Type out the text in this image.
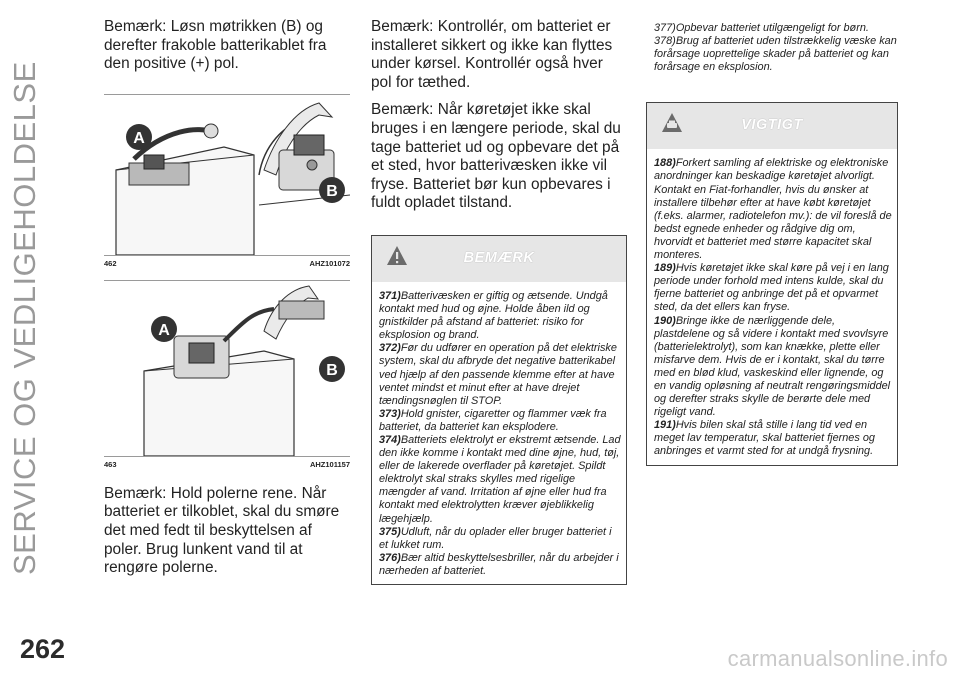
SERVICE OG VEDLIGEHOLDELSE
262	carmanualsonline.info

Bemærk: Løsn møtrikken (B) og derefter frakoble batterikablet fra den positive (+) pol.

A
B
462	AHZ101072
A
B
463	AHZ101157

Bemærk: Hold polerne rene. Når batteriet er tilkoblet, skal du smøre det med fedt til beskyttelsen af poler. Brug lunkent vand til at rengøre polerne.

Bemærk: Kontrollér, om batteriet er installeret sikkert og ikke kan flyttes under kørsel. Kontrollér også hver pol for tæthed.

Bemærk: Når køretøjet ikke skal bruges i en længere periode, skal du tage batteriet ud og opbevare det på et sted, hvor batterivæsken ikke vil fryse. Batteriet bør kun opbevares i fuldt opladet tilstand.

BEMÆRK
371)Batterivæsken er giftig og ætsende. Undgå kontakt med hud og øjne. Holde åben ild og gnistkilder på afstand af batteriet: risiko for eksplosion og brand.
372)Før du udfører en operation på det elektriske system, skal du afbryde det negative batterikabel ved hjælp af den passende klemme efter at have ventet mindst et minut efter at have drejet tændingsnøglen til STOP.
373)Hold gnister, cigaretter og flammer væk fra batteriet, da batteriet kan eksplodere.
374)Batteriets elektrolyt er ekstremt ætsende. Lad den ikke komme i kontakt med dine øjne, hud, tøj, eller de lakerede overflader på køretøjet. Spildt elektrolyt skal straks skylles med rigelige mængder af vand. Irritation af øjne eller hud fra kontakt med elektrolytten kræver øjeblikkelig lægehjælp.
375)Udluft, når du oplader eller bruger batteriet i et lukket rum.
376)Bær altid beskyttelsesbriller, når du arbejder i nærheden af batteriet.
377)Opbevar batteriet utilgængeligt for børn.
378)Brug af batteriet uden tilstrækkelig væske kan forårsage uoprettelige skader på batteriet og kan forårsage en eksplosion.
VIGTIGT
188)Forkert samling af elektriske og elektroniske anordninger kan beskadige køretøjet alvorligt. Kontakt en Fiat-forhandler, hvis du ønsker at installere tilbehør efter at have købt køretøjet (f.eks. alarmer, radiotelefon mv.): de vil foreslå de bedst egnede enheder og rådgive dig om, hvorvidt et batteriet med større kapacitet skal monteres.
189)Hvis køretøjet ikke skal køre på vej i en lang periode under forhold med intens kulde, skal du fjerne batteriet og anbringe det på et opvarmet sted, da det ellers kan fryse.
190)Bringe ikke de nærliggende dele, plastdelene og så videre i kontakt med svovlsyre (batterielektrolyt), som kan knække, plette eller misfarve dem. Hvis de er i kontakt, skal du tørre med en blød klud, vaskeskind eller lignende, og en vandig opløsning af neutralt rengøringsmiddel og derefter straks skylle de berørte dele med rigeligt vand.
191)Hvis bilen skal stå stille i lang tid ved en meget lav temperatur, skal batteriet fjernes og anbringes et varmt sted for at undgå frysning.
